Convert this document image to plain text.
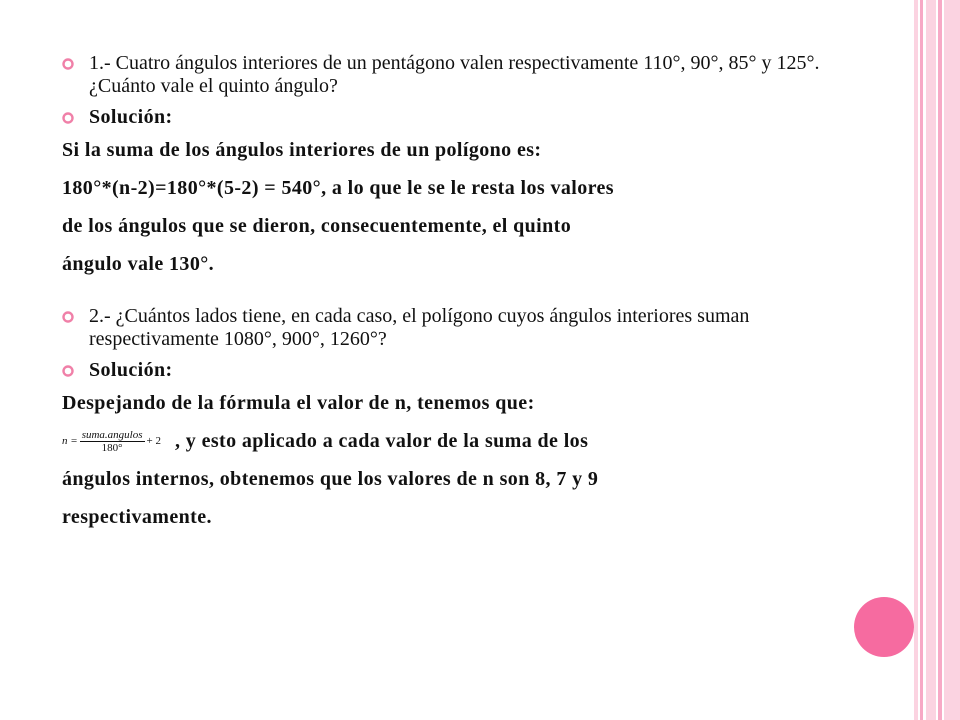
1.- Cuatro ángulos interiores de un pentágono valen respectivamente 110°, 90°, 85° y 125°. ¿Cuánto vale el quinto ángulo?
Solución:
Si la suma de los ángulos interiores de un polígono es:
180°*(n-2)=180°*(5-2) = 540°, a lo que le se le resta los valores
de los ángulos que se dieron, consecuentemente, el quinto
ángulo vale 130°.
2.- ¿Cuántos lados tiene, en cada caso, el polígono cuyos ángulos interiores suman respectivamente 1080°, 900°, 1260°?
Solución:
Despejando de la fórmula el valor de n, tenemos que:
$n = \frac{\text{suma.angulos}}{180^\circ} + 2$ , y esto aplicado a cada valor de la suma de los
ángulos internos, obtenemos que los valores de n son 8, 7 y 9
respectivamente.
